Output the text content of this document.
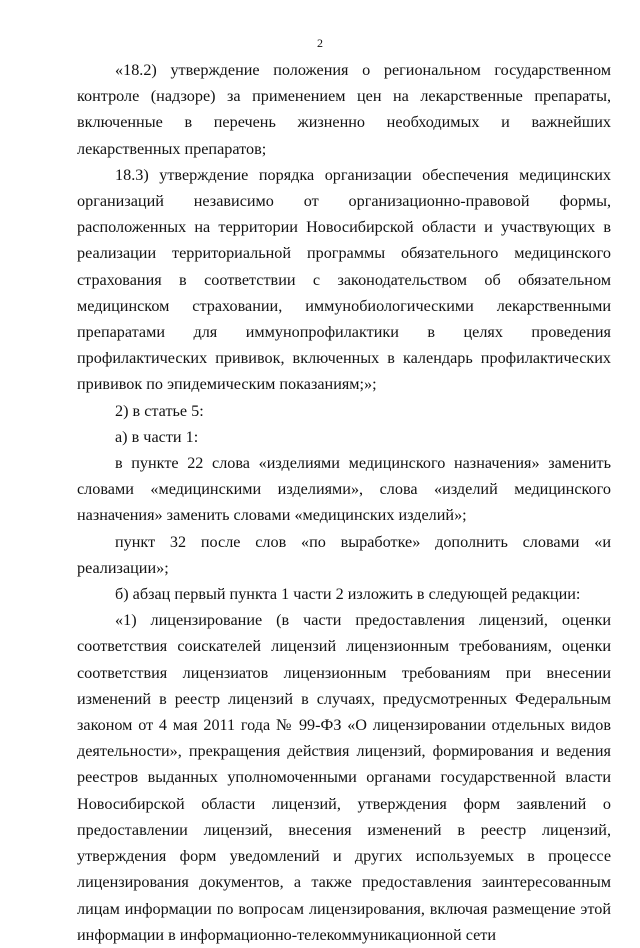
2

«18.2) утверждение положения о региональном государственном контроле (надзоре) за применением цен на лекарственные препараты, включенные в перечень жизненно необходимых и важнейших лекарственных препаратов;

18.3) утверждение порядка организации обеспечения медицинских организаций независимо от организационно-правовой формы, расположенных на территории Новосибирской области и участвующих в реализации территориальной программы обязательного медицинского страхования в соответствии с законодательством об обязательном медицинском страховании, иммунобиологическими лекарственными препаратами для иммунопрофилактики в целях проведения профилактических прививок, включенных в календарь профилактических прививок по эпидемическим показаниям;»;

2) в статье 5:

а) в части 1:

в пункте 22 слова «изделиями медицинского назначения» заменить словами «медицинскими изделиями», слова «изделий медицинского назначения» заменить словами «медицинских изделий»;

пункт 32 после слов «по выработке» дополнить словами «и реализации»;

б) абзац первый пункта 1 части 2 изложить в следующей редакции:

«1) лицензирование (в части предоставления лицензий, оценки соответствия соискателей лицензий лицензионным требованиям, оценки соответствия лицензиатов лицензионным требованиям при внесении изменений в реестр лицензий в случаях, предусмотренных Федеральным законом от 4 мая 2011 года № 99-ФЗ «О лицензировании отдельных видов деятельности», прекращения действия лицензий, формирования и ведения реестров выданных уполномоченными органами государственной власти Новосибирской области лицензий, утверждения форм заявлений о предоставлении лицензий, внесения изменений в реестр лицензий, утверждения форм уведомлений и других используемых в процессе лицензирования документов, а также предоставления заинтересованным лицам информации по вопросам лицензирования, включая размещение этой информации в информационно-телекоммуникационной сети
